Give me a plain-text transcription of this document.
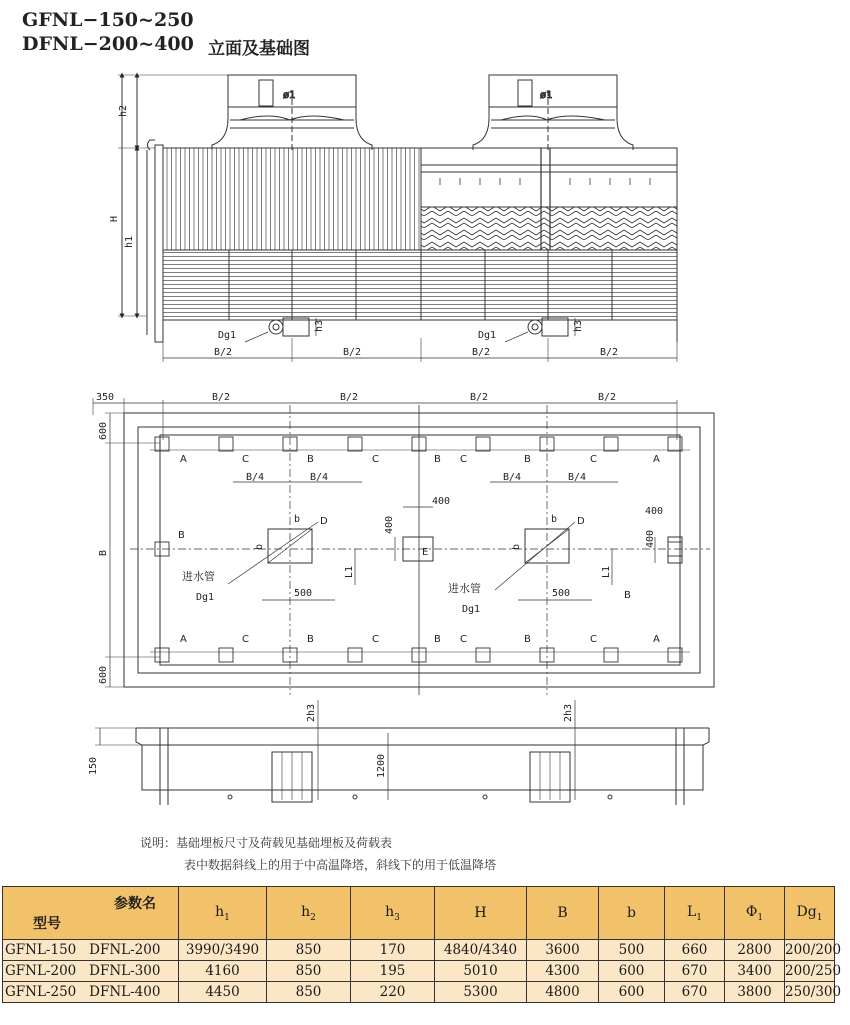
GFNL−150~250
DFNL−200~400 立面及基础图
ø1	ø1
h2
H
h1
h3	h3
Dg1	Dg1
B/2	B/2	B/2	B/2
350	B/2	B/2	B/2	B/2
600
B
600
A	C	B	C	B C	B	C	A
A	C	B	C	B C	B	C	A
B
B
B/4	B/4	B/4	B/4
400
400
400
400
500	500
L1	L1
b
b
b
b
D	D
E
进水管
Dg1
进水管
Dg1
150	1200
2h3	2h3
说明：基础埋板尺寸及荷载见基础埋板及荷载表
表中数据斜线上的用于中高温降塔，斜线下的用于低温降塔
参数名
型号	$h_1$	$h_2$	$h_3$	H	B	b	$L_1$	$\Phi_1$	$Dg_1$
GFNL-150 DFNL-200	3990/3490	850	170	4840/4340	3600	500	660	2800	200/200
GFNL-200 DFNL-300	4160	850	195	5010	4300	600	670	3400	200/250
GFNL-250 DFNL-400	4450	850	220	5300	4800	600	670	3800	250/300
